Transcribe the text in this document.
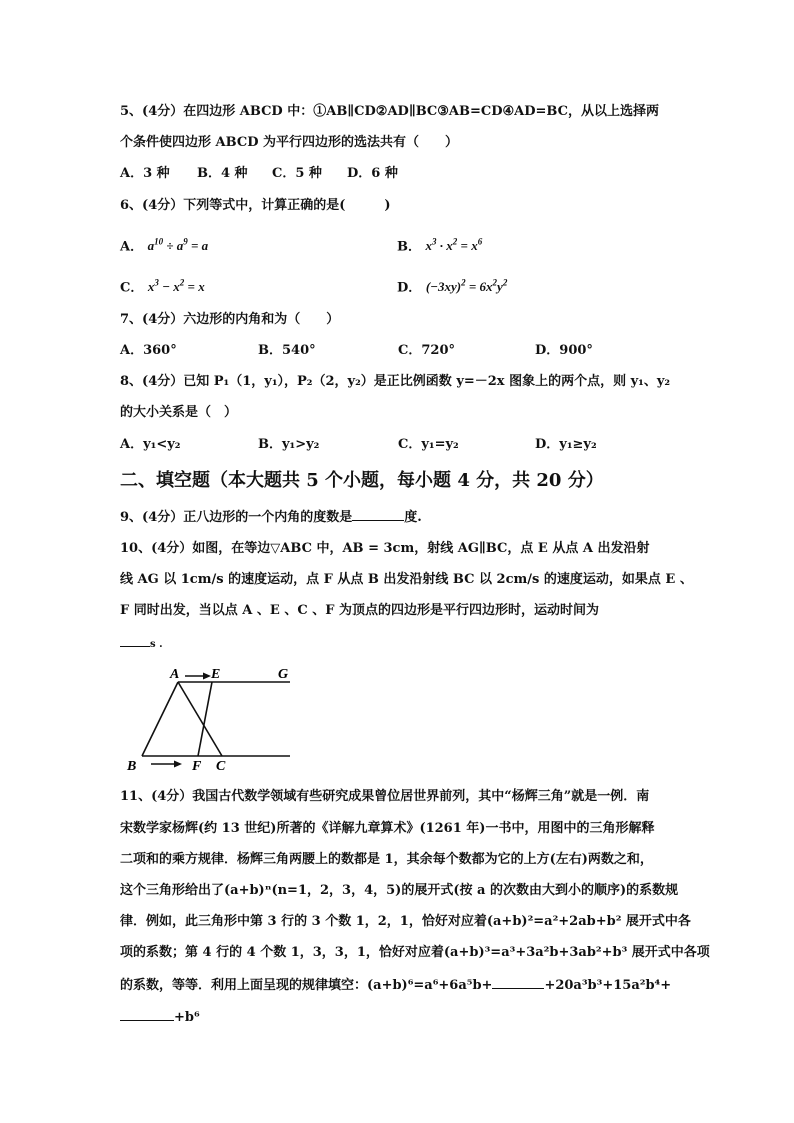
5、(4分）在四边形 ABCD 中：①AB∥CD②AD∥BC③AB=CD④AD=BC，从以上选择两
个条件使四边形 ABCD 为平行四边形的选法共有（　　）
A．3 种 B．4 种 C．5 种 D．6 种
6、(4分）下列等式中，计算正确的是(　　　)
A． $a^{10} \div a^9 = a$	B． $x^3 \cdot x^2 = x^6$
C． $x^3 - x^2 = x$	D． $(-3xy)^2 = 6x^2y^2$
7、(4分）六边形的内角和为（　　）
A．360°	B．540°	C．720°	D．900°
8、(4分）已知 P₁（1，y₁），P₂（2，y₂）是正比例函数 y=－2x 图象上的两个点，则 y₁、y₂
的大小关系是（　）
A．y₁<y₂	B．y₁>y₂	C．y₁=y₂	D．y₁≥y₂
二、填空题（本大题共 5 个小题，每小题 4 分，共 20 分）
9、(4分）正八边形的一个内角的度数是	度.
10、(4分）如图，在等边▽ABC 中，AB = 3cm，射线 AG∥BC，点 E 从点 A 出发沿射
线 AG 以 1cm/s 的速度运动，点 F 从点 B 出发沿射线 BC 以 2cm/s 的速度运动，如果点 E 、
F 同时出发，当以点 A 、E 、C 、F 为顶点的四边形是平行四边形时，运动时间为
s .
A E	G
B	F C
11、(4分）我国古代数学领域有些研究成果曾位居世界前列，其中“杨辉三角”就是一例．南
宋数学家杨辉(约 13 世纪)所著的《详解九章算术》(1261 年)一书中，用图中的三角形解释
二项和的乘方规律．杨辉三角两腰上的数都是 1，其余每个数都为它的上方(左右)两数之和，
这个三角形给出了(a+b)ⁿ(n=1，2，3，4，5)的展开式(按 a 的次数由大到小的顺序)的系数规
律．例如，此三角形中第 3 行的 3 个数 1，2，1，恰好对应着(a+b)²=a²+2ab+b² 展开式中各
项的系数；第 4 行的 4 个数 1，3，3，1，恰好对应着(a+b)³=a³+3a²b+3ab²+b³ 展开式中各项
的系数，等等．利用上面呈现的规律填空：(a+b)⁶=a⁶+6a⁵b+	+20a³b³+15a²b⁴+
+b⁶
